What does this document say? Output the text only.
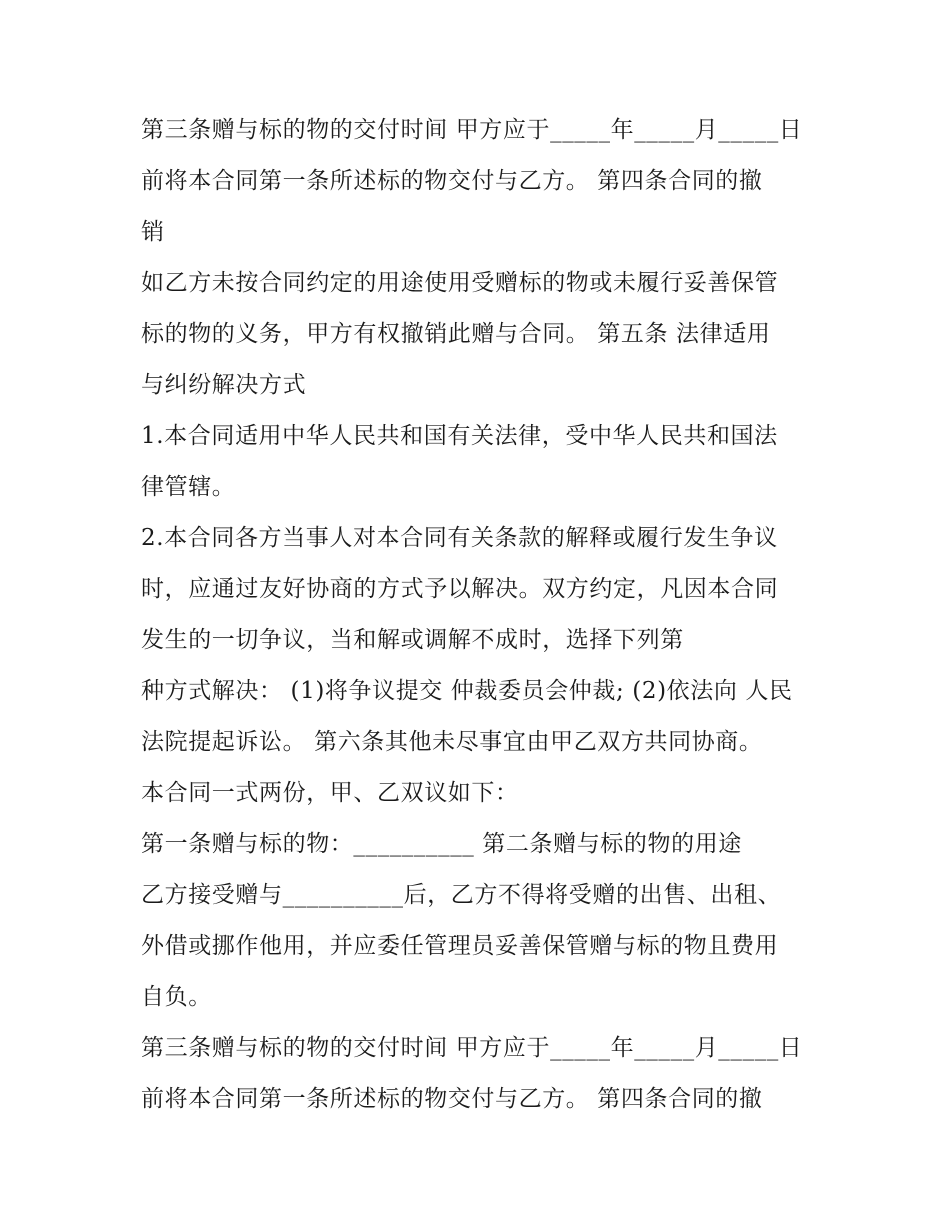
第三条赠与标的物的交付时间 甲方应于_____年_____月_____日
前将本合同第一条所述标的物交付与乙方。 第四条合同的撤
销
如乙方未按合同约定的用途使用受赠标的物或未履行妥善保管
标的物的义务，甲方有权撤销此赠与合同。 第五条 法律适用
与纠纷解决方式
1.本合同适用中华人民共和国有关法律，受中华人民共和国法
律管辖。
2.本合同各方当事人对本合同有关条款的解释或履行发生争议
时，应通过友好协商的方式予以解决。双方约定，凡因本合同
发生的一切争议，当和解或调解不成时，选择下列第
种方式解决： (1)将争议提交 仲裁委员会仲裁; (2)依法向 人民
法院提起诉讼。 第六条其他未尽事宜由甲乙双方共同协商。
本合同一式两份，甲、乙双议如下：
第一条赠与标的物：__________ 第二条赠与标的物的用途
乙方接受赠与__________后，乙方不得将受赠的出售、出租、
外借或挪作他用，并应委任管理员妥善保管赠与标的物且费用
自负。
第三条赠与标的物的交付时间 甲方应于_____年_____月_____日
前将本合同第一条所述标的物交付与乙方。 第四条合同的撤
